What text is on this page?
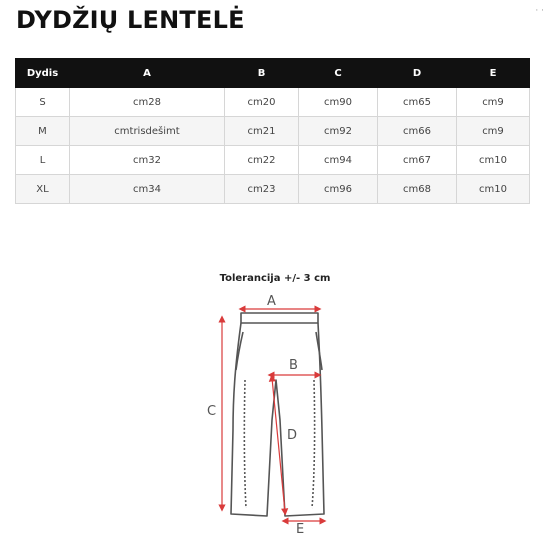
DYDŽIŲ LENTELĖ	· ·
Dydis	A	B	C	D	E
S	cm28	cm20	cm90	cm65	cm9
M	cmtrisdešimt	cm21	cm92	cm66	cm9
L	cm32	cm22	cm94	cm67	cm10
XL	cm34	cm23	cm96	cm68	cm10
Tolerancija +/- 3 cm
A
B
C
D
E
